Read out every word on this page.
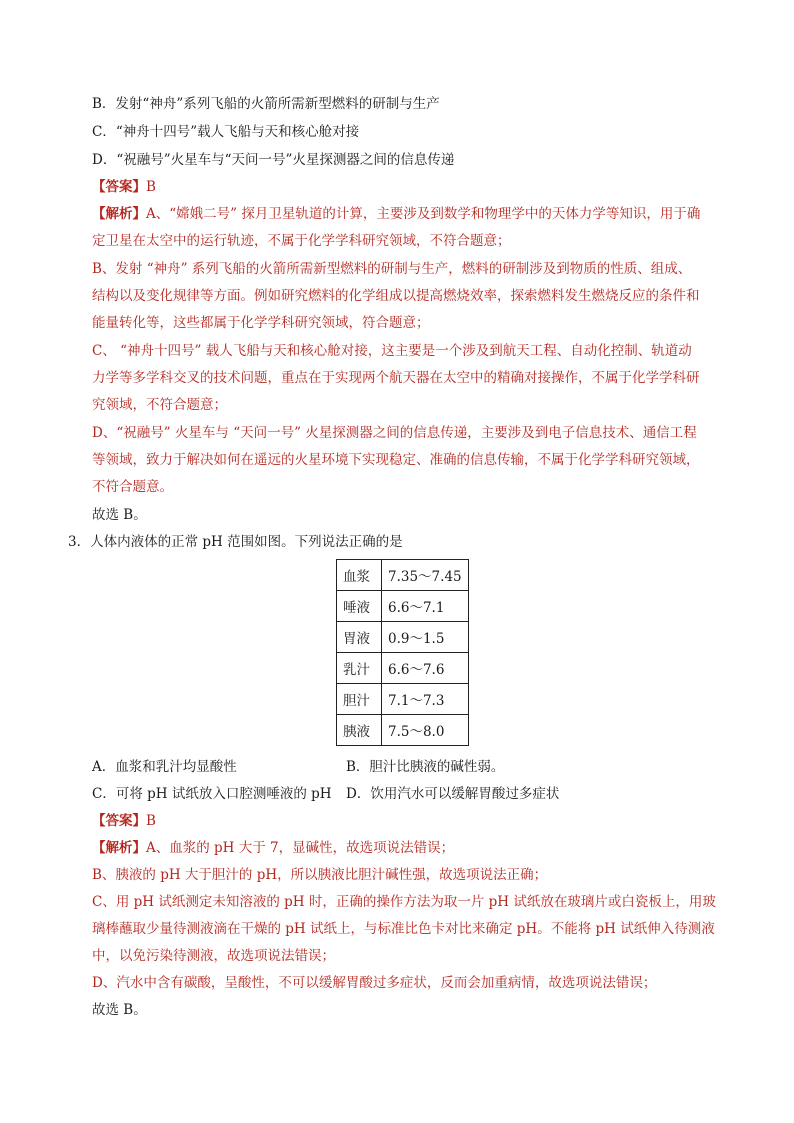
B．发射“神舟”系列飞船的火箭所需新型燃料的研制与生产
C．“神舟十四号”载人飞船与天和核心舱对接
D．“祝融号”火星车与“天问一号”火星探测器之间的信息传递
【答案】B
【解析】A、“嫦娥二号” 探月卫星轨道的计算，主要涉及到数学和物理学中的天体力学等知识，用于确
定卫星在太空中的运行轨迹，不属于化学学科研究领域，不符合题意；
B、发射 “神舟” 系列飞船的火箭所需新型燃料的研制与生产，燃料的研制涉及到物质的性质、组成、
结构以及变化规律等方面。例如研究燃料的化学组成以提高燃烧效率，探索燃料发生燃烧反应的条件和
能量转化等，这些都属于化学学科研究领域，符合题意；
C、 “神舟十四号” 载人飞船与天和核心舱对接，这主要是一个涉及到航天工程、自动化控制、轨道动
力学等多学科交叉的技术问题，重点在于实现两个航天器在太空中的精确对接操作，不属于化学学科研
究领域，不符合题意；
D、“祝融号” 火星车与 “天问一号” 火星探测器之间的信息传递，主要涉及到电子信息技术、通信工程
等领域，致力于解决如何在遥远的火星环境下实现稳定、准确的信息传输，不属于化学学科研究领域，
不符合题意。
故选 B。
3．人体内液体的正常 pH 范围如图。下列说法正确的是
血浆	7.35～7.45
唾液	6.6～7.1
胃液	0.9～1.5
乳汁	6.6～7.6
胆汁	7.1～7.3
胰液	7.5～8.0
A．血浆和乳汁均显酸性	B．胆汁比胰液的碱性弱。
C．可将 pH 试纸放入口腔测唾液的 pH D．饮用汽水可以缓解胃酸过多症状
【答案】B
【解析】A、血浆的 pH 大于 7，显碱性，故选项说法错误；
B、胰液的 pH 大于胆汁的 pH，所以胰液比胆汁碱性强，故选项说法正确；
C、用 pH 试纸测定未知溶液的 pH 时，正确的操作方法为取一片 pH 试纸放在玻璃片或白瓷板上，用玻
璃棒蘸取少量待测液滴在干燥的 pH 试纸上，与标准比色卡对比来确定 pH。不能将 pH 试纸伸入待测液
中，以免污染待测液，故选项说法错误；
D、汽水中含有碳酸，呈酸性，不可以缓解胃酸过多症状，反而会加重病情，故选项说法错误；
故选 B。
